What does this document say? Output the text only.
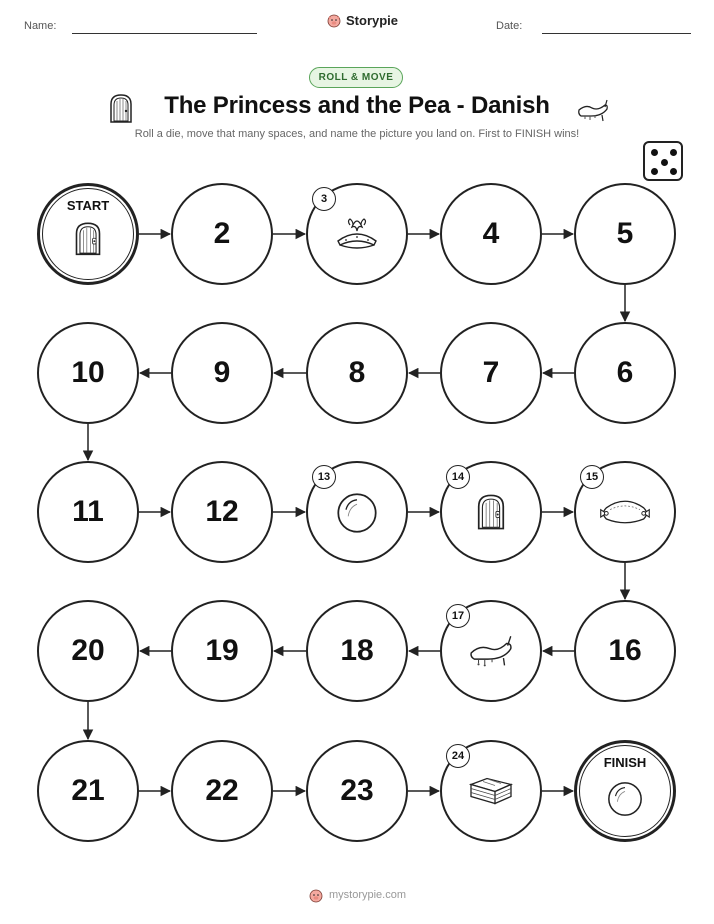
Name:	Storypie	Date:
ROLL & MOVE
The Princess and the Pea - Danish
Roll a die, move that many spaces, and name the picture you land on. First to FINISH wins!
START
2
3
4	5
6
7
8
9
10
11	12
13	14	15
16
17
18
19
20
21	22	23
24	FINISH
mystorypie.com
